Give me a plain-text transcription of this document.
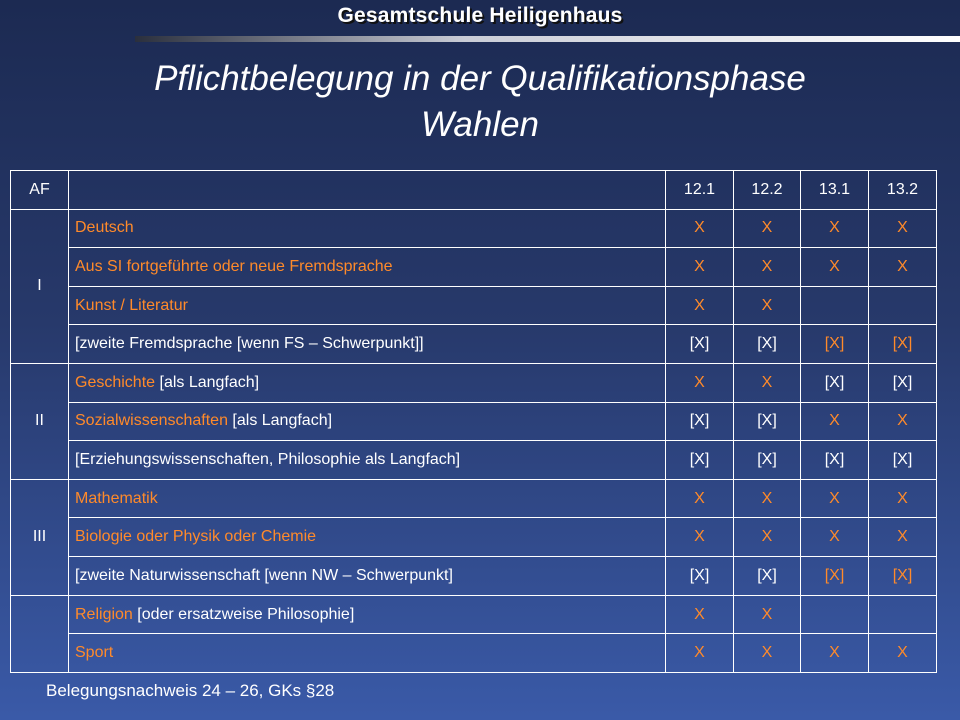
Gesamtschule Heiligenhaus
Pflichtbelegung in der Qualifikationsphase
Wahlen
AF		12.1	12.2	13.1	13.2
I	Deutsch	X	X	X	X
	Aus SI fortgeführte oder neue Fremdsprache	X	X	X	X
	Kunst / Literatur	X	X		
	[zweite Fremdsprache [wenn FS – Schwerpunkt]]	[X]	[X]	[X]	[X]
II	Geschichte [als Langfach]	X	X	[X]	[X]
	Sozialwissenschaften [als Langfach]	[X]	[X]	X	X
	[Erziehungswissenschaften, Philosophie als Langfach]	[X]	[X]	[X]	[X]
III	Mathematik	X	X	X	X
	Biologie oder Physik oder Chemie	X	X	X	X
	[zweite Naturwissenschaft [wenn NW – Schwerpunkt]	[X]	[X]	[X]	[X]
	Religion [oder ersatzweise Philosophie]	X	X		
	Sport	X	X	X	X
Belegungsnachweis 24 – 26, GKs §28
